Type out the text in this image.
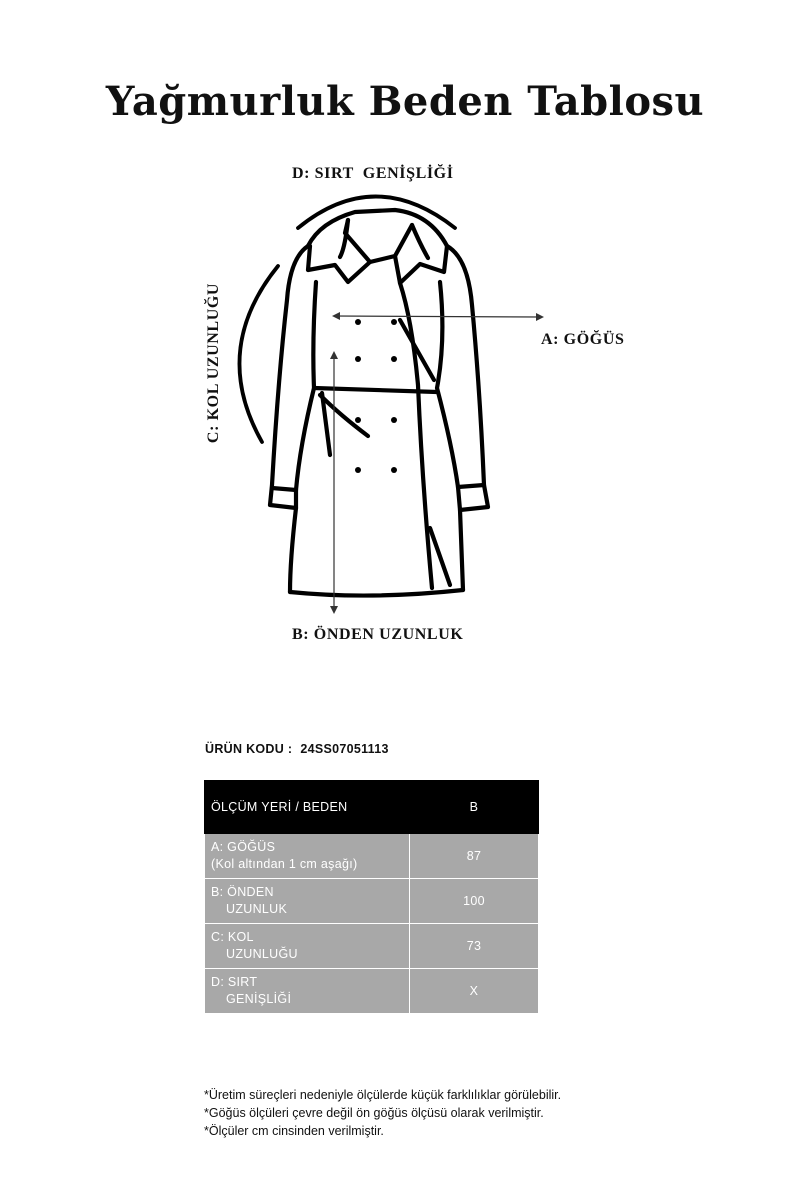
Yağmurluk Beden Tablosu
D: SIRT  GENİŞLİĞİ
A: GÖĞÜS
B: ÖNDEN UZUNLUK
C: KOL UZUNLUĞU
ÜRÜN KODU : 24SS07051113
ÖLÇÜM YERİ / BEDEN	B

A: GÖĞÜS
(Kol altından 1 cm aşağı)	87

B: ÖNDEN
UZUNLUK	100

C: KOL
UZUNLUĞU	73

D: SIRT
GENİŞLİĞİ	X
*Üretim süreçleri nedeniyle ölçülerde küçük farklılıklar görülebilir.
*Göğüs ölçüleri çevre değil ön göğüs ölçüsü olarak verilmiştir.
*Ölçüler cm cinsinden verilmiştir.
